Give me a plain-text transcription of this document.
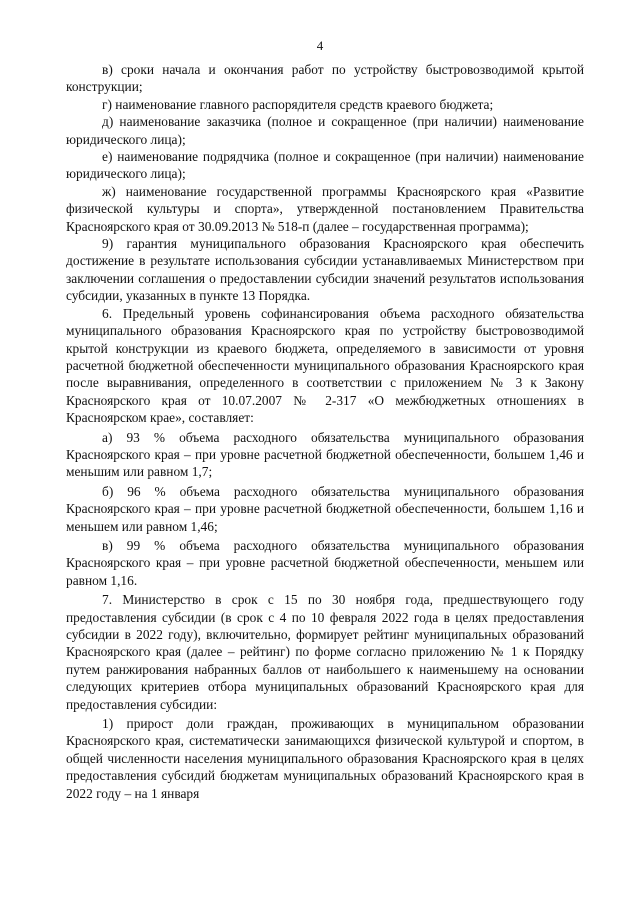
4

в) сроки начала и окончания работ по устройству быстровозводимой крытой конструкции;

г) наименование главного распорядителя средств краевого бюджета;

д) наименование заказчика (полное и сокращенное (при наличии) наименование юридического лица);

е) наименование подрядчика (полное и сокращенное (при наличии) наименование юридического лица);

ж) наименование государственной программы Красноярского края «Развитие физической культуры и спорта», утвержденной постановлением Правительства Красноярского края от 30.09.2013 № 518-п (далее – государственная программа);

9) гарантия муниципального образования Красноярского края обеспечить достижение в результате использования субсидии устанавливаемых Министерством при заключении соглашения о предоставлении субсидии значений результатов использования субсидии, указанных в пункте 13 Порядка.

6. Предельный уровень софинансирования объема расходного обязательства муниципального образования Красноярского края по устройству быстровозводимой крытой конструкции из краевого бюджета, определяемого в зависимости от уровня расчетной бюджетной обеспеченности муниципального образования Красноярского края после выравнивания, определенного в соответствии с приложением № 3 к Закону Красноярского края от 10.07.2007 № 2-317 «О межбюджетных отношениях в Красноярском крае», составляет:

а) 93 % объема расходного обязательства муниципального образования Красноярского края – при уровне расчетной бюджетной обеспеченности, большем 1,46 и меньшим или равном 1,7;

б) 96 % объема расходного обязательства муниципального образования Красноярского края – при уровне расчетной бюджетной обеспеченности, большем 1,16 и меньшем или равном 1,46;

в) 99 % объема расходного обязательства муниципального образования Красноярского края – при уровне расчетной бюджетной обеспеченности, меньшем или равном 1,16.

7. Министерство в срок с 15 по 30 ноября года, предшествующего году предоставления субсидии (в срок с 4 по 10 февраля 2022 года в целях предоставления субсидии в 2022 году), включительно, формирует рейтинг муниципальных образований Красноярского края (далее – рейтинг) по форме согласно приложению № 1 к Порядку путем ранжирования набранных баллов от наибольшего к наименьшему на основании следующих критериев отбора муниципальных образований Красноярского края для предоставления субсидии:

1) прирост доли граждан, проживающих в муниципальном образовании Красноярского края, систематически занимающихся физической культурой и спортом, в общей численности населения муниципального образования Красноярского края в целях предоставления субсидий бюджетам муниципальных образований Красноярского края в 2022 году – на 1 января
